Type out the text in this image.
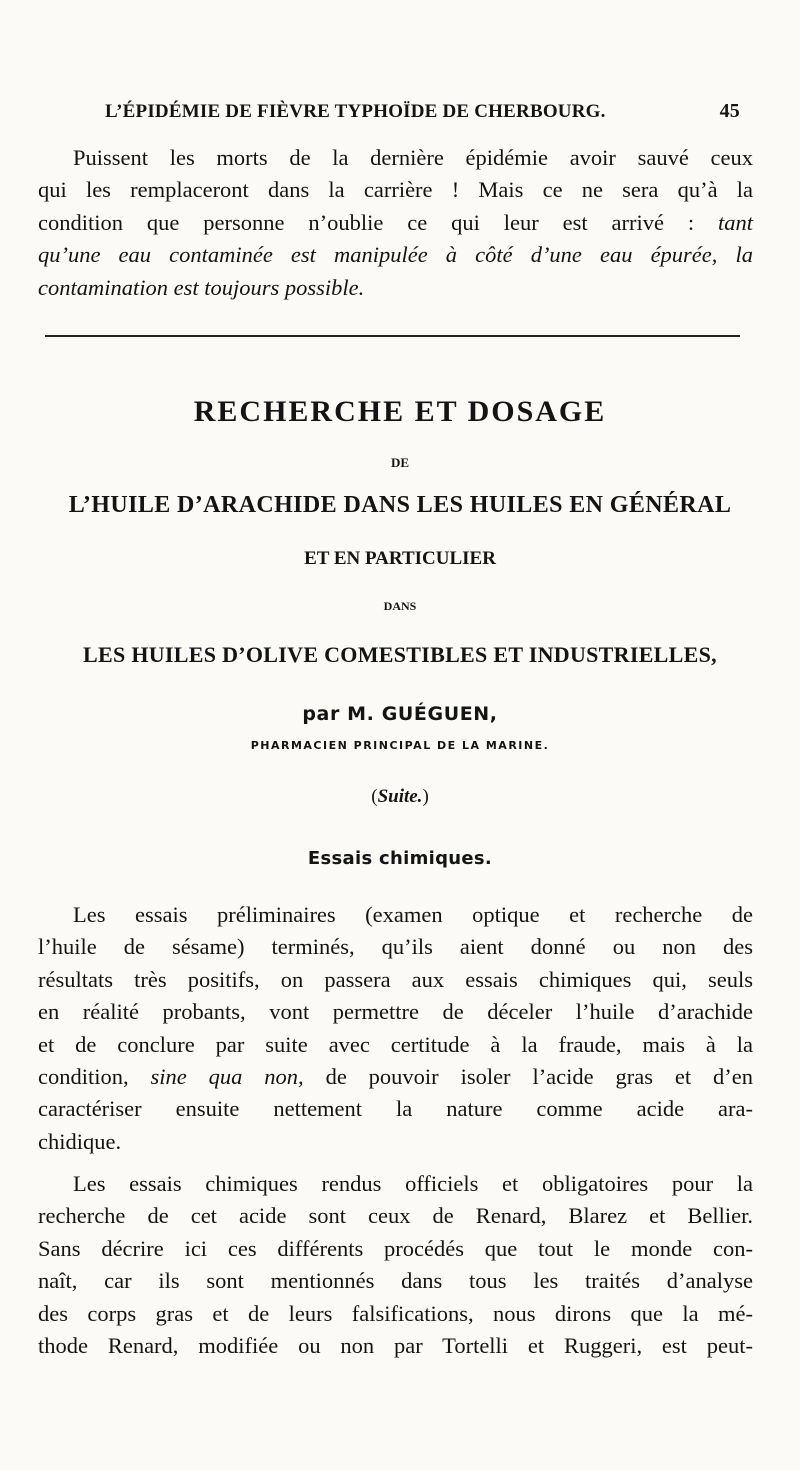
L’ÉPIDÉMIE DE FIÈVRE TYPHOÏDE DE CHERBOURG.	45
Puissent les morts de la dernière épidémie avoir sauvé ceux
qui les remplaceront dans la carrière ! Mais ce ne sera qu’à la
condition que personne n’oublie ce qui leur est arrivé : tant
qu’une eau contaminée est manipulée à côté d’une eau épurée, la
contamination est toujours possible.

RECHERCHE ET DOSAGE

DE

L’HUILE D’ARACHIDE DANS LES HUILES EN GÉNÉRAL

ET EN PARTICULIER

DANS

LES HUILES D’OLIVE COMESTIBLES ET INDUSTRIELLES,

par M. GUÉGUEN,

PHARMACIEN PRINCIPAL DE LA MARINE.

(Suite.)

Essais chimiques.

Les essais préliminaires (examen optique et recherche de
l’huile de sésame) terminés, qu’ils aient donné ou non des
résultats très positifs, on passera aux essais chimiques qui, seuls
en réalité probants, vont permettre de déceler l’huile d’arachide
et de conclure par suite avec certitude à la fraude, mais à la
condition, sine qua non, de pouvoir isoler l’acide gras et d’en
caractériser ensuite nettement la nature comme acide ara-
chidique.
Les essais chimiques rendus officiels et obligatoires pour la
recherche de cet acide sont ceux de Renard, Blarez et Bellier.
Sans décrire ici ces différents procédés que tout le monde con-
naît, car ils sont mentionnés dans tous les traités d’analyse
des corps gras et de leurs falsifications, nous dirons que la mé-
thode Renard, modifiée ou non par Tortelli et Ruggeri, est peut-
